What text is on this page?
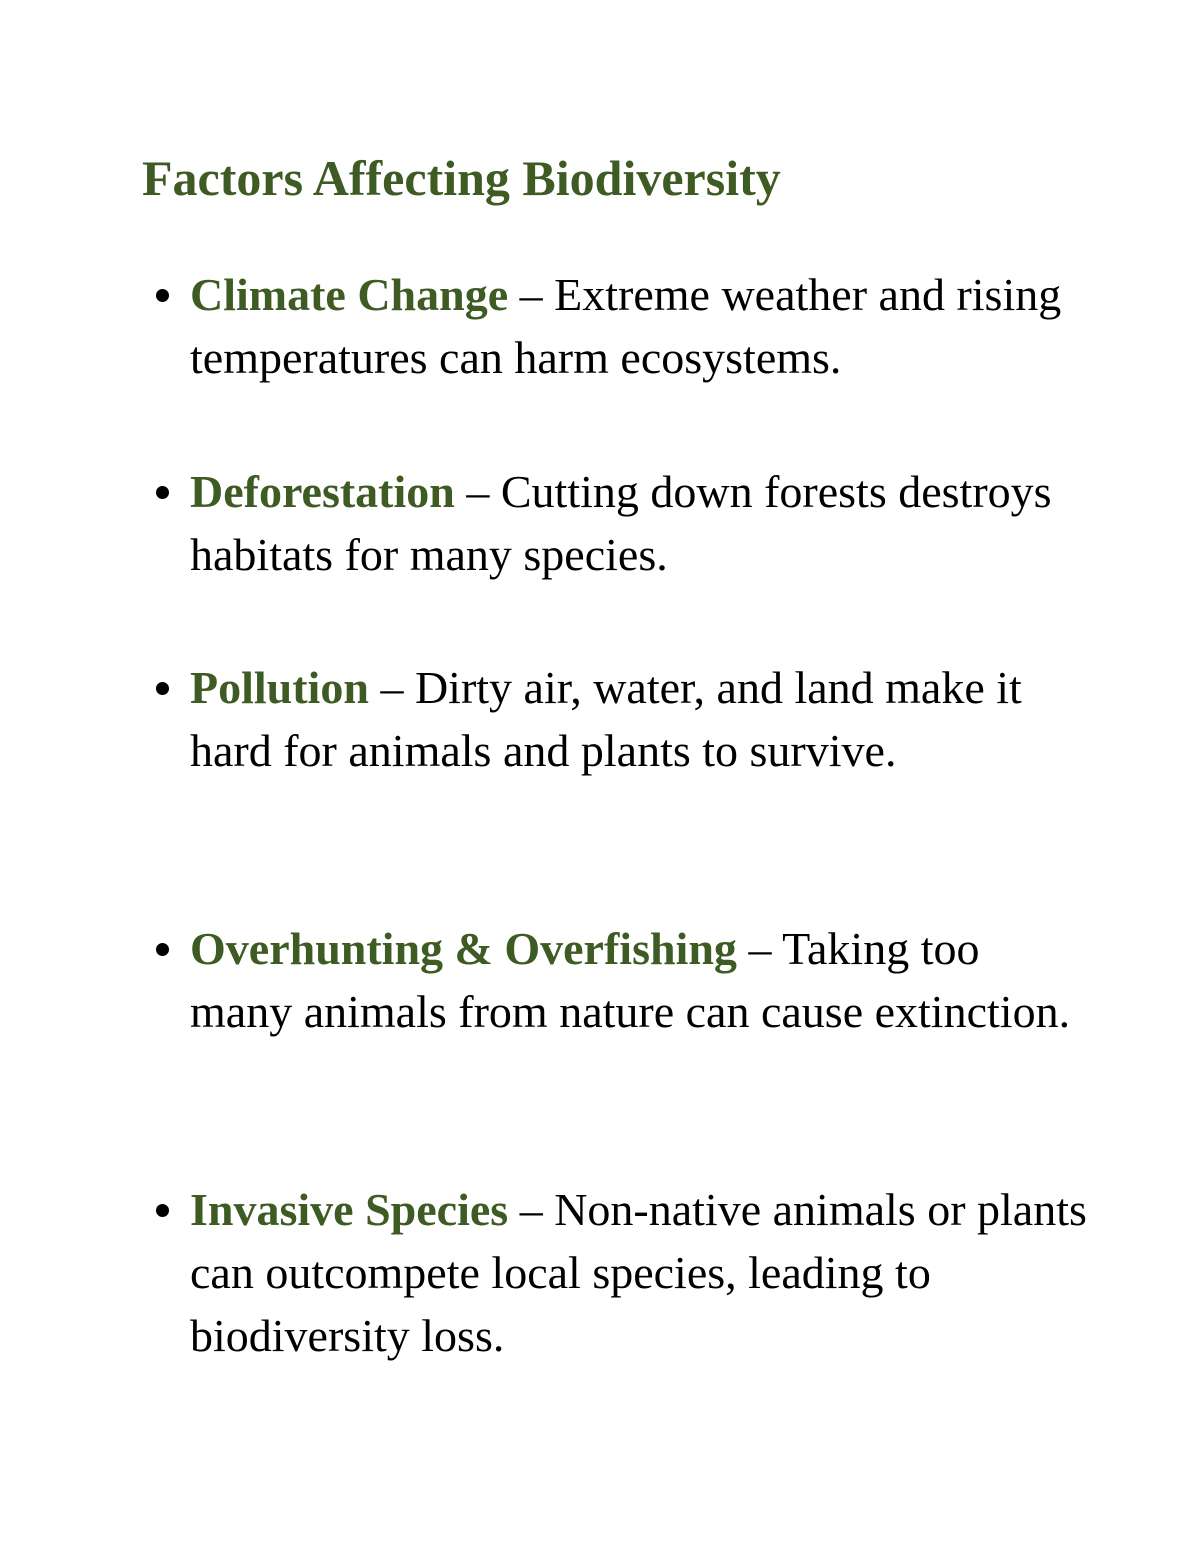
Factors Affecting Biodiversity
Climate Change – Extreme weather and rising temperatures can harm ecosystems.
Deforestation – Cutting down forests destroys habitats for many species.
Pollution – Dirty air, water, and land make it hard for animals and plants to survive.
Overhunting & Overfishing – Taking too many animals from nature can cause extinction.
Invasive Species – Non-native animals or plants can outcompete local species, leading to biodiversity loss.
